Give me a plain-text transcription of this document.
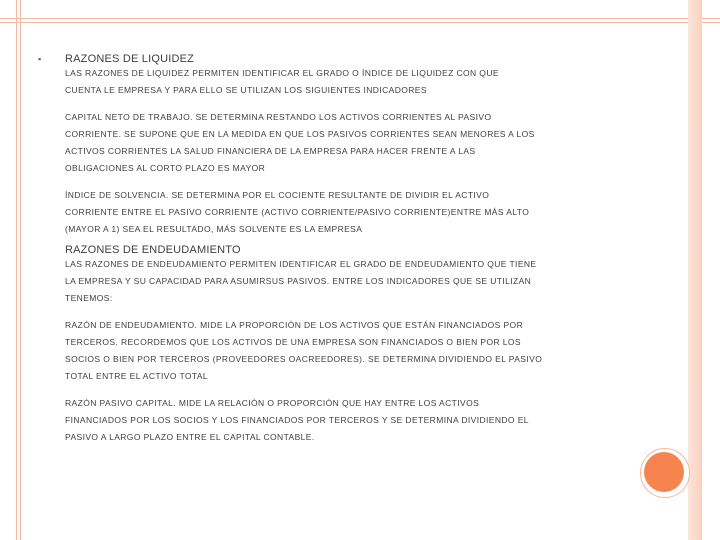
▪ RAZONES DE LIQUIDEZ

LAS RAZONES DE LIQUIDEZ PERMITEN IDENTIFICAR EL GRADO O ÍNDICE DE LIQUIDEZ CON QUE
CUENTA LE EMPRESA Y PARA ELLO SE UTILIZAN LOS SIGUIENTES INDICADORES

CAPITAL NETO DE TRABAJO. SE DETERMINA RESTANDO LOS ACTIVOS CORRIENTES AL PASIVO
CORRIENTE. SE SUPONE QUE EN LA MEDIDA EN QUE LOS PASIVOS CORRIENTES SEAN MENORES A LOS
ACTIVOS CORRIENTES LA SALUD FINANCIERA DE LA EMPRESA PARA HACER FRENTE A LAS
OBLIGACIONES AL CORTO PLAZO ES MAYOR

ÍNDICE DE SOLVENCIA. SE DETERMINA POR EL COCIENTE RESULTANTE DE DIVIDIR EL ACTIVO
CORRIENTE ENTRE EL PASIVO CORRIENTE (ACTIVO CORRIENTE/PASIVO CORRIENTE)ENTRE MÁS ALTO
(MAYOR A 1) SEA EL RESULTADO, MÁS SOLVENTE ES LA EMPRESA

RAZONES DE ENDEUDAMIENTO

LAS RAZONES DE ENDEUDAMIENTO PERMITEN IDENTIFICAR EL GRADO DE ENDEUDAMIENTO QUE TIENE
LA EMPRESA Y SU CAPACIDAD PARA ASUMIRSUS PASIVOS. ENTRE LOS INDICADORES QUE SE UTILIZAN
TENEMOS:

RAZÓN DE ENDEUDAMIENTO. MIDE LA PROPORCIÓN DE LOS ACTIVOS QUE ESTÁN FINANCIADOS POR
TERCEROS. RECORDEMOS QUE LOS ACTIVOS DE UNA EMPRESA SON FINANCIADOS O BIEN POR LOS
SOCIOS O BIEN POR TERCEROS (PROVEEDORES OACREEDORES). SE DETERMINA DIVIDIENDO EL PASIVO
TOTAL ENTRE EL ACTIVO TOTAL

RAZÓN PASIVO CAPITAL. MIDE LA RELACIÓN O PROPORCIÓN QUE HAY ENTRE LOS ACTIVOS
FINANCIADOS POR LOS SOCIOS Y LOS FINANCIADOS POR TERCEROS Y SE DETERMINA DIVIDIENDO EL
PASIVO A LARGO PLAZO ENTRE EL CAPITAL CONTABLE.
